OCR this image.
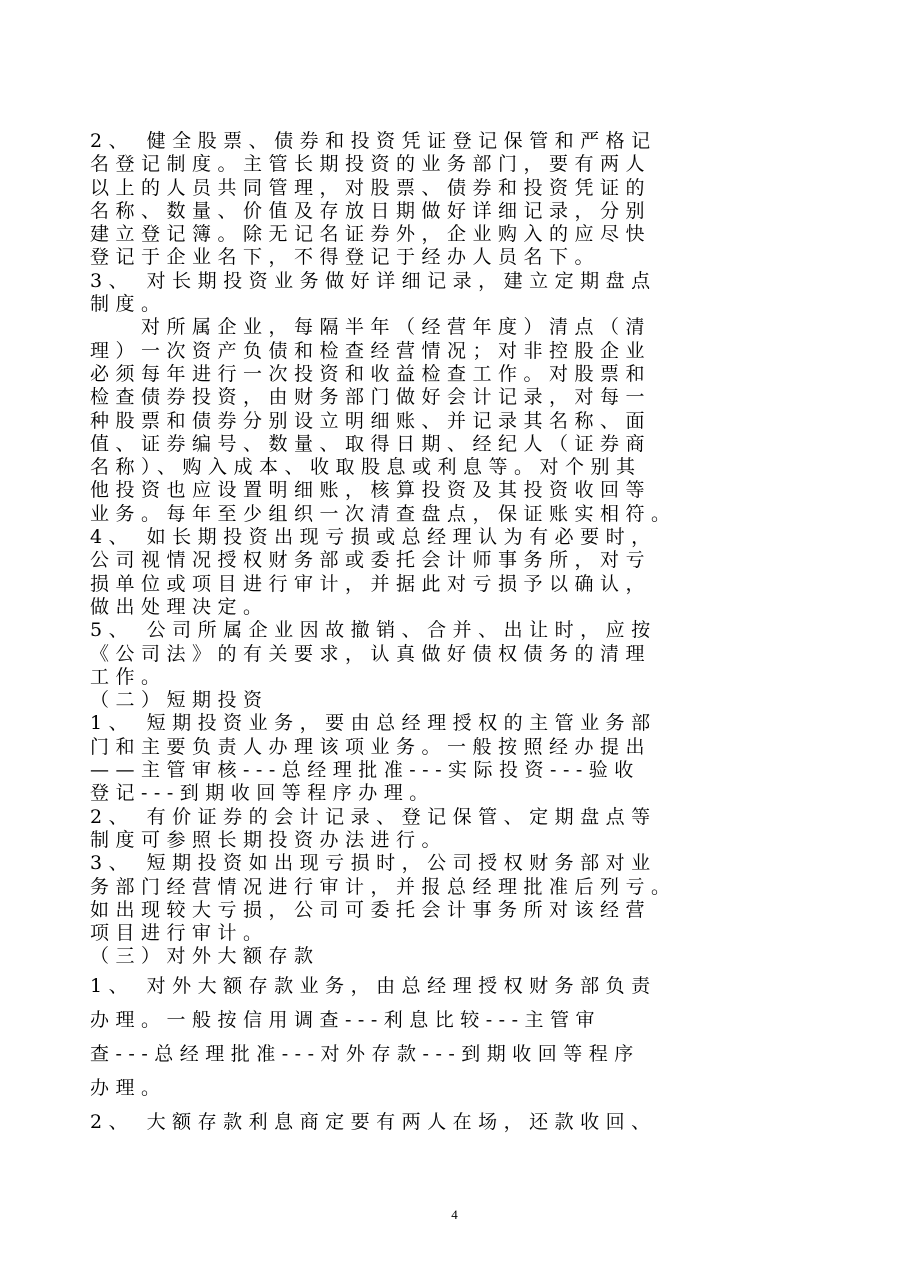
2、 健全股票、债券和投资凭证登记保管和严格记
名登记制度。主管长期投资的业务部门，要有两人
以上的人员共同管理，对股票、债券和投资凭证的
名称、数量、价值及存放日期做好详细记录，分别
建立登记簿。除无记名证券外，企业购入的应尽快
登记于企业名下，不得登记于经办人员名下。
3、 对长期投资业务做好详细记录，建立定期盘点
制度。
　　对所属企业，每隔半年（经营年度）清点（清
理）一次资产负债和检查经营情况；对非控股企业
必须每年进行一次投资和收益检查工作。对股票和
检查债券投资，由财务部门做好会计记录，对每一
种股票和债券分别设立明细账、并记录其名称、面
值、证券编号、数量、取得日期、经纪人（证券商
名称）、购入成本、收取股息或利息等。对个别其
他投资也应设置明细账，核算投资及其投资收回等
业务。每年至少组织一次清查盘点，保证账实相符。
4、 如长期投资出现亏损或总经理认为有必要时，
公司视情况授权财务部或委托会计师事务所，对亏
损单位或项目进行审计，并据此对亏损予以确认，
做出处理决定。
5、 公司所属企业因故撤销、合并、出让时，应按
《公司法》的有关要求，认真做好债权债务的清理
工作。
（二）短期投资
1、 短期投资业务，要由总经理授权的主管业务部
门和主要负责人办理该项业务。一般按照经办提出
——主管审核---总经理批准---实际投资---验收
登记---到期收回等程序办理。
2、 有价证券的会计记录、登记保管、定期盘点等
制度可参照长期投资办法进行。
3、 短期投资如出现亏损时，公司授权财务部对业
务部门经营情况进行审计，并报总经理批准后列亏。
如出现较大亏损，公司可委托会计事务所对该经营
项目进行审计。
（三）对外大额存款
1、 对外大额存款业务，由总经理授权财务部负责
办理。一般按信用调查---利息比较---主管审
查---总经理批准---对外存款---到期收回等程序
办理。
2、 大额存款利息商定要有两人在场，还款收回、
4
